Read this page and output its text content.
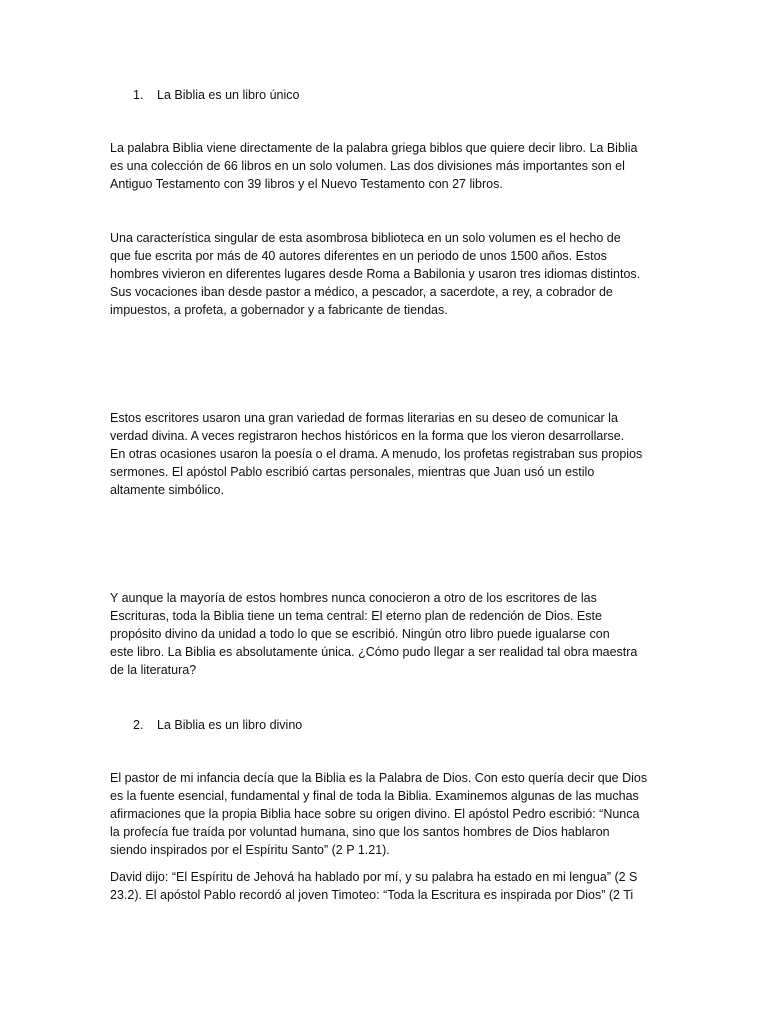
1. La Biblia es un libro único
La palabra Biblia viene directamente de la palabra griega biblos que quiere decir libro. La Biblia
es una colección de 66 libros en un solo volumen. Las dos divisiones más importantes son el
Antiguo Testamento con 39 libros y el Nuevo Testamento con 27 libros.
Una característica singular de esta asombrosa biblioteca en un solo volumen es el hecho de
que fue escrita por más de 40 autores diferentes en un periodo de unos 1500 años. Estos
hombres vivieron en diferentes lugares desde Roma a Babilonia y usaron tres idiomas distintos.
Sus vocaciones iban desde pastor a médico, a pescador, a sacerdote, a rey, a cobrador de
impuestos, a profeta, a gobernador y a fabricante de tiendas.
Estos escritores usaron una gran variedad de formas literarias en su deseo de comunicar la
verdad divina. A veces registraron hechos históricos en la forma que los vieron desarrollarse.
En otras ocasiones usaron la poesía o el drama. A menudo, los profetas registraban sus propios
sermones. El apóstol Pablo escribió cartas personales, mientras que Juan usó un estilo
altamente simbólico.
Y aunque la mayoría de estos hombres nunca conocieron a otro de los escritores de las
Escrituras, toda la Biblia tiene un tema central: El eterno plan de redención de Dios. Este
propósito divino da unidad a todo lo que se escribió. Ningún otro libro puede igualarse con
este libro. La Biblia es absolutamente única. ¿Cómo pudo llegar a ser realidad tal obra maestra
de la literatura?
2. La Biblia es un libro divino
El pastor de mi infancia decía que la Biblia es la Palabra de Dios. Con esto quería decir que Dios
es la fuente esencial, fundamental y final de toda la Biblia. Examinemos algunas de las muchas
afirmaciones que la propia Biblia hace sobre su origen divino. El apóstol Pedro escribió: “Nunca
la profecía fue traída por voluntad humana, sino que los santos hombres de Dios hablaron
siendo inspirados por el Espíritu Santo” (2 P 1.21).
David dijo: “El Espíritu de Jehová ha hablado por mí, y su palabra ha estado en mi lengua” (2 S
23.2). El apóstol Pablo recordó al joven Timoteo: “Toda la Escritura es inspirada por Dios” (2 Ti
